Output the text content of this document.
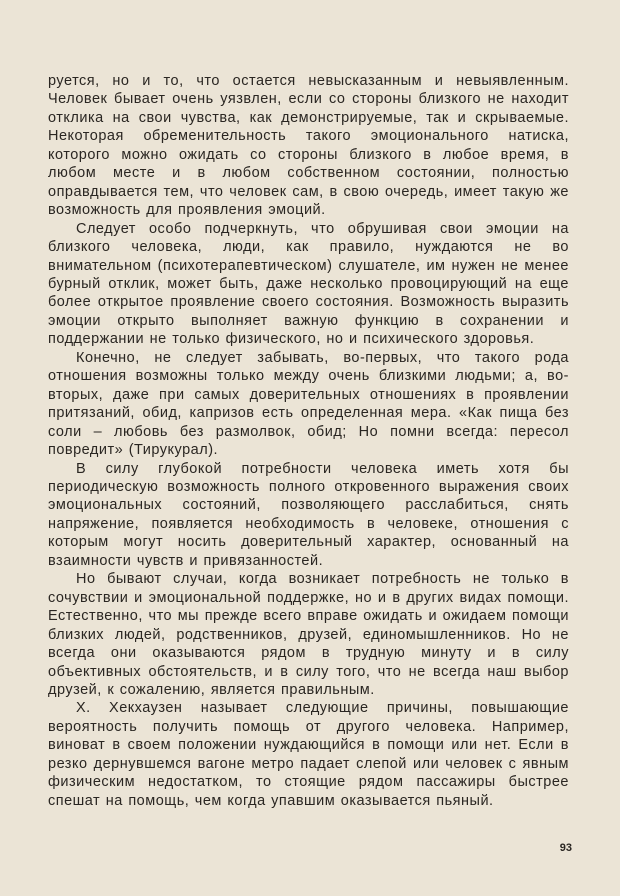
руется, но и то, что остается невысказанным и невыявленным. Человек бывает очень уязвлен, если со стороны близкого не находит отклика на свои чувства, как демонстрируемые, так и скрываемые. Некоторая обременительность такого эмоционального натиска, которого можно ожидать со стороны близкого в любое время, в любом месте и в любом собственном состоянии, полностью оправдывается тем, что человек сам, в свою очередь, имеет такую же возможность для проявления эмоций.

Следует особо подчеркнуть, что обрушивая свои эмоции на близкого человека, люди, как правило, нуждаются не во внимательном (психотерапевтическом) слушателе, им нужен не менее бурный отклик, может быть, даже несколько провоцирующий на еще более открытое проявление своего состояния. Возможность выразить эмоции открыто выполняет важную функцию в сохранении и поддержании не только физического, но и психического здоровья.

Конечно, не следует забывать, во-первых, что такого рода отношения возможны только между очень близкими людьми; а, во-вторых, даже при самых доверительных отношениях в проявлении притязаний, обид, капризов есть определенная мера. «Как пища без соли – любовь без размолвок, обид; Но помни всегда: пересол повредит» (Тирукурал).

В силу глубокой потребности человека иметь хотя бы периодическую возможность полного откровенного выражения своих эмоциональных состояний, позволяющего расслабиться, снять напряжение, появляется необходимость в человеке, отношения с которым могут носить доверительный характер, основанный на взаимности чувств и привязанностей.

Но бывают случаи, когда возникает потребность не только в сочувствии и эмоциональной поддержке, но и в других видах помощи. Естественно, что мы прежде всего вправе ожидать и ожидаем помощи близких людей, родственников, друзей, единомышленников. Но не всегда они оказываются рядом в трудную минуту и в силу объективных обстоятельств, и в силу того, что не всегда наш выбор друзей, к сожалению, является правильным.

Х. Хекхаузен называет следующие причины, повышающие вероятность получить помощь от другого человека. Например, виноват в своем положении нуждающийся в помощи или нет. Если в резко дернувшемся вагоне метро падает слепой или человек с явным физическим недостатком, то стоящие рядом пассажиры быстрее спешат на помощь, чем когда упавшим оказывается пьяный.

93
